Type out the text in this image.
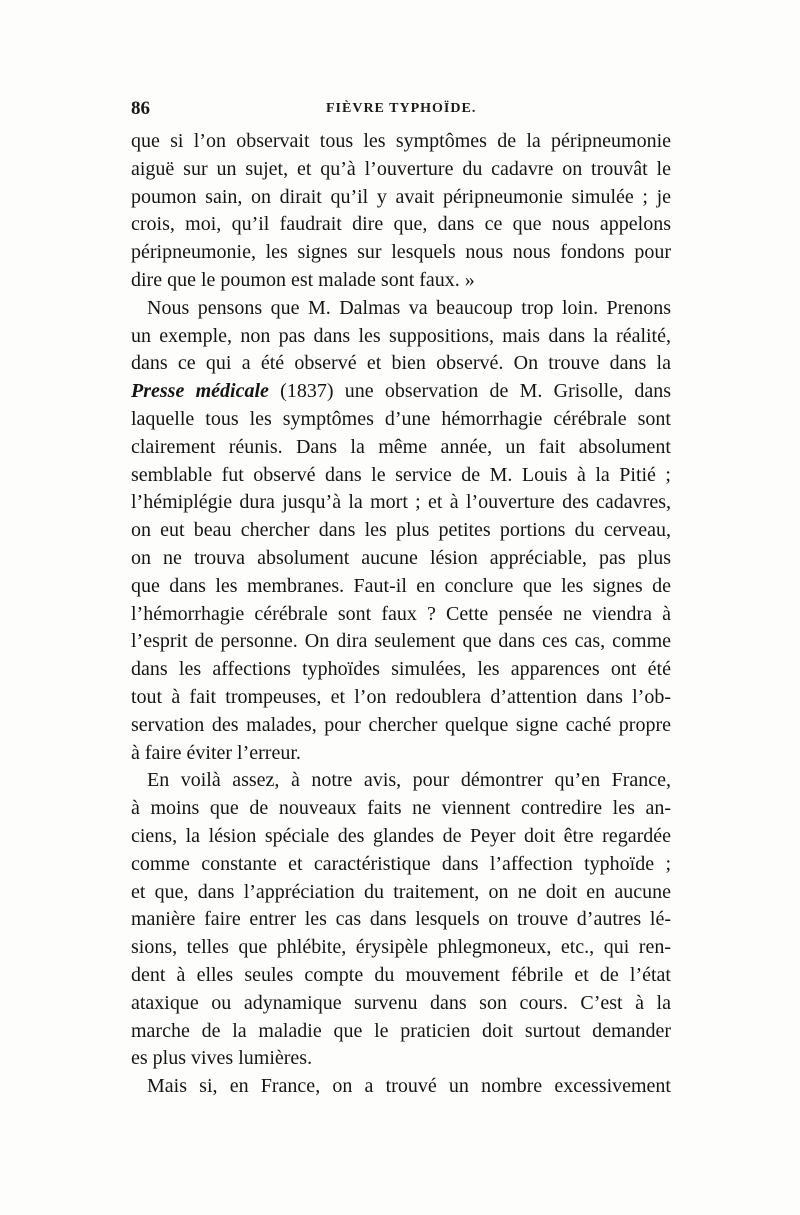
86	FIÈVRE TYPHOÏDE.
que si l’on observait tous les symptômes de la péripneumonie
aiguë sur un sujet, et qu’à l’ouverture du cadavre on trouvât le
poumon sain, on dirait qu’il y avait péripneumonie simulée ; je
crois, moi, qu’il faudrait dire que, dans ce que nous appelons
péripneumonie, les signes sur lesquels nous nous fondons pour
dire que le poumon est malade sont faux. »
Nous pensons que M. Dalmas va beaucoup trop loin. Prenons
un exemple, non pas dans les suppositions, mais dans la réalité,
dans ce qui a été observé et bien observé. On trouve dans la
Presse médicale (1837) une observation de M. Grisolle, dans
laquelle tous les symptômes d’une hémorrhagie cérébrale sont
clairement réunis. Dans la même année, un fait absolument
semblable fut observé dans le service de M. Louis à la Pitié ;
l’hémiplégie dura jusqu’à la mort ; et à l’ouverture des cadavres,
on eut beau chercher dans les plus petites portions du cerveau,
on ne trouva absolument aucune lésion appréciable, pas plus
que dans les membranes. Faut-il en conclure que les signes de
l’hémorrhagie cérébrale sont faux ? Cette pensée ne viendra à
l’esprit de personne. On dira seulement que dans ces cas, comme
dans les affections typhoïdes simulées, les apparences ont été
tout à fait trompeuses, et l’on redoublera d’attention dans l’ob-
servation des malades, pour chercher quelque signe caché propre
à faire éviter l’erreur.
En voilà assez, à notre avis, pour démontrer qu’en France,
à moins que de nouveaux faits ne viennent contredire les an-
ciens, la lésion spéciale des glandes de Peyer doit être regardée
comme constante et caractéristique dans l’affection typhoïde ;
et que, dans l’appréciation du traitement, on ne doit en aucune
manière faire entrer les cas dans lesquels on trouve d’autres lé-
sions, telles que phlébite, érysipèle phlegmoneux, etc., qui ren-
dent à elles seules compte du mouvement fébrile et de l’état
ataxique ou adynamique survenu dans son cours. C’est à la
marche de la maladie que le praticien doit surtout demander
es plus vives lumières.
Mais si, en France, on a trouvé un nombre excessivement
